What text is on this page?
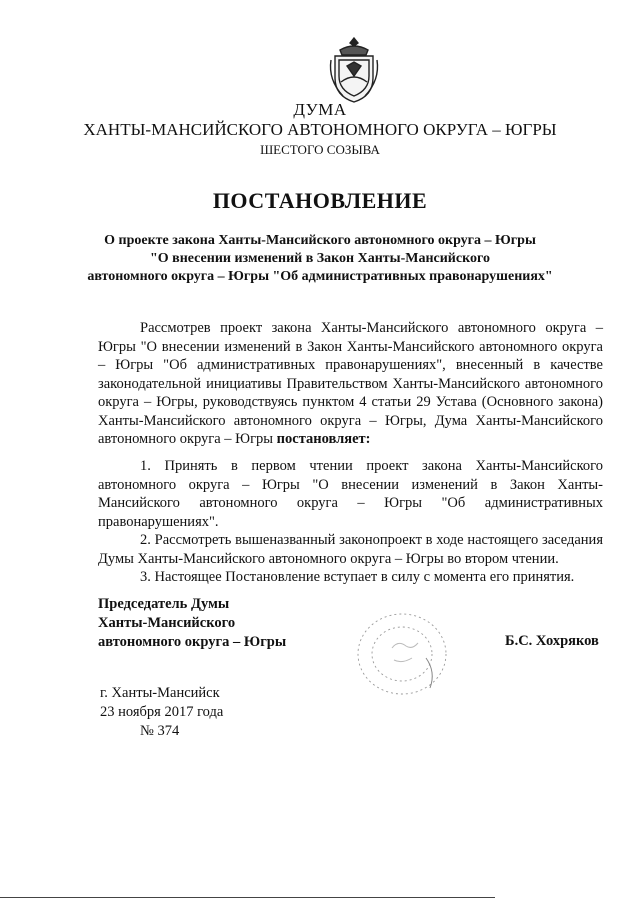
ДУМА
ХАНТЫ-МАНСИЙСКОГО АВТОНОМНОГО ОКРУГА – ЮГРЫ
ШЕСТОГО СОЗЫВА
ПОСТАНОВЛЕНИЕ
О проекте закона Ханты-Мансийского автономного округа – Югры
"О внесении изменений в Закон Ханты-Мансийского
автономного округа – Югры "Об административных правонарушениях"

Рассмотрев проект закона Ханты-Мансийского автономного округа – Югры "О внесении изменений в Закон Ханты-Мансийского автономного округа – Югры "Об административных правонарушениях", внесенный в качестве законодательной инициативы Правительством Ханты-Мансийского автономного округа – Югры, руководствуясь пунктом 4 статьи 29 Устава (Основного закона) Ханты-Мансийского автономного округа – Югры, Дума Ханты-Мансийского автономного округа – Югры постановляет:

1. Принять в первом чтении проект закона Ханты-Мансийского автономного округа – Югры "О внесении изменений в Закон Ханты-Мансийского автономного округа – Югры "Об административных правонарушениях".

2. Рассмотреть вышеназванный законопроект в ходе настоящего заседания Думы Ханты-Мансийского автономного округа – Югры во втором чтении.

3. Настоящее Постановление вступает в силу с момента его принятия.

Председатель Думы
Ханты-Мансийского
автономного округа – Югры	Б.С. Хохряков
г. Ханты-Мансийск
23 ноября 2017 года
№ 374
